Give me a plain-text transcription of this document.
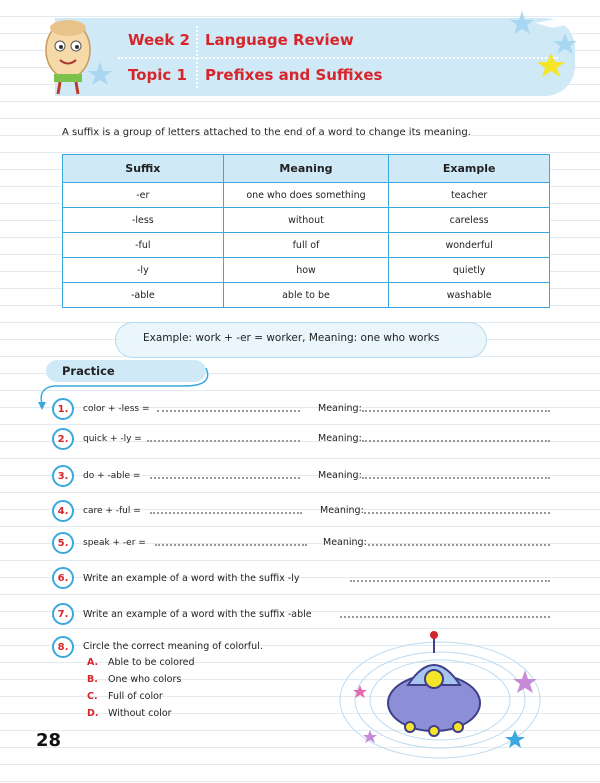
Week 2 Language Review
Topic 1 Prefixes and Suffixes
A suffix is a group of letters attached to the end of a word to change its meaning.
Suffix	Meaning	Example
-er	one who does something	teacher
-less	without	careless
-ful	full of	wonderful
-ly	how	quietly
-able	able to be	washable
Example: work + -er = worker, Meaning: one who works
Practice
1.	color + -less =	Meaning:
2.	quick + -ly =	Meaning:
3.	do + -able =	Meaning:
4.	care + -ful =	Meaning:
5.	speak + -er =	Meaning:
6.	Write an example of a word with the suffix -ly
7.	Write an example of a word with the suffix -able
8.	Circle the correct meaning of colorful.
A. Able to be colored
B. One who colors
C. Full of color
D. Without color
28
